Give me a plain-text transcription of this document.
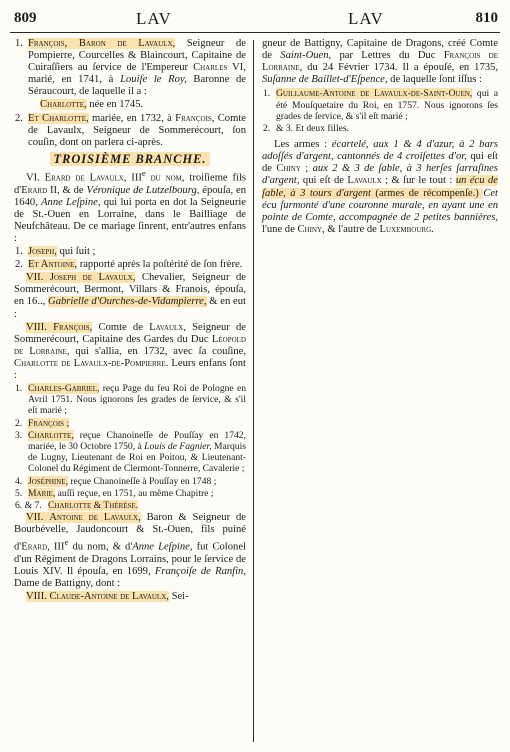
809	LAV	LAV	810
1. François, Baron de Lavaulx, Seigneur de Pompierre, Courcelles & Blaincourt, Capitaine de Cuiraſſiers au ſervice de l'Empereur Charles VI, marié, en 1741, à Louiſe le Roy, Baronne de Séraucourt, de laquelle il a :
Charlotte, née en 1745.
2. Et Charlotte, mariée, en 1732, à François, Comte de Lavaulx, Seigneur de Sommerécourt, ſon couſin, dont on parlera ci-après.
TROISIÈME BRANCHE.

VI. Erard de Lavaulx, IIIe du nom, troiſieme fils d'Erard II, & de Véronique de Lutzelbourg, épouſa, en 1640, Anne Leſpine, qui lui porta en dot la Seigneurie de St.-Ouen en Lorraine, dans le Bailliage de Neufchâteau. De ce mariage ſinrent, entr'autres enfans :

1. Joseph, qui ſuit ;
2. Et Antoine, rapporté après la poſtérité de ſon frère.

VII. Joseph de Lavaulx, Chevalier, Seigneur de Sommerécourt, Bermont, Villars & Franois, épouſa, en 16.., Gabrielle d'Ourches-de-Vidampierre, & en eut :

VIII. François, Comte de Lavaulx, Seigneur de Sommerécourt, Capitaine des Gardes du Duc Léopold de Lorraine, qui s'allia, en 1732, avec ſa couſine, Charlotte de Lavaulx-de-Pompierre. Leurs enfans ſont :

1. Charles-Gabriel, reçu Page du feu Roi de Pologne en Avril 1751. Nous ignorons ſes grades de ſervice, & s'il eſt marié ;
2. François ;
3. Charlotte, reçue Chanoineſſe de Pouſſay en 1742, mariée, le 30 Octobre 1750, à Louis de Fagnier, Marquis de Lugny, Lieutenant de Roi en Poitou, & Lieutenant-Colonel du Régiment de Clermont-Tonnerre, Cavalerie ;
4. Joséphine, reçue Chanoineſſe à Pouſſay en 1748 ;
5. Marie, auſſi reçue, en 1751, au même Chapitre ;
6. & 7. Charlotte & Thérèse.

VII. Antoine de Lavaulx, Baron & Seigneur de Bourbévelle, Jaudoncourt & St.-Ouen, fils puiné d'Erard, IIIe du nom, & d'Anne Leſpine, fut Colonel d'un Régiment de Dragons Lorrains, pour le ſervice de Louis XIV. Il épouſa, en 1699, Françoiſe de Ranfin, Dame de Battigny, dont :

VIII. Claude-Antoine de Lavaulx, Sei-

gneur de Battigny, Capitaine de Dragons, créé Comte de Saint-Ouen, par Lettres du Duc François de Lorraine, du 24 Février 1734. Il a épouſé, en 1735, Suſanne de Baillet-d'Eſpence, de laquelle ſont iſſus :

1. Guillaume-Antoine de Lavaulx-de-Saint-Ouen, qui a été Mouſquetaire du Roi, en 1757. Nous ignorons ſes grades de ſervice, & s'il eſt marié ;
2. & 3. Et deux filles.

Les armes : écartelé, aux 1 & 4 d'azur, à 2 bars adoſſés d'argent, cantonnés de 4 croiſettes d'or, qui eſt de Chiny ; aux 2 & 3 de ſable, à 3 herſes ſarraſines d'argent, qui eſt de Lavaulx ; & ſur le tout : un écu de ſable, à 3 tours d'argent (armes de récompenſe.) Cet écu ſurmonté d'une couronne murale, en ayant une en pointe de Comte, accompagnée de 2 petites bannières, l'une de Chiny, & l'autre de Luxembourg.
